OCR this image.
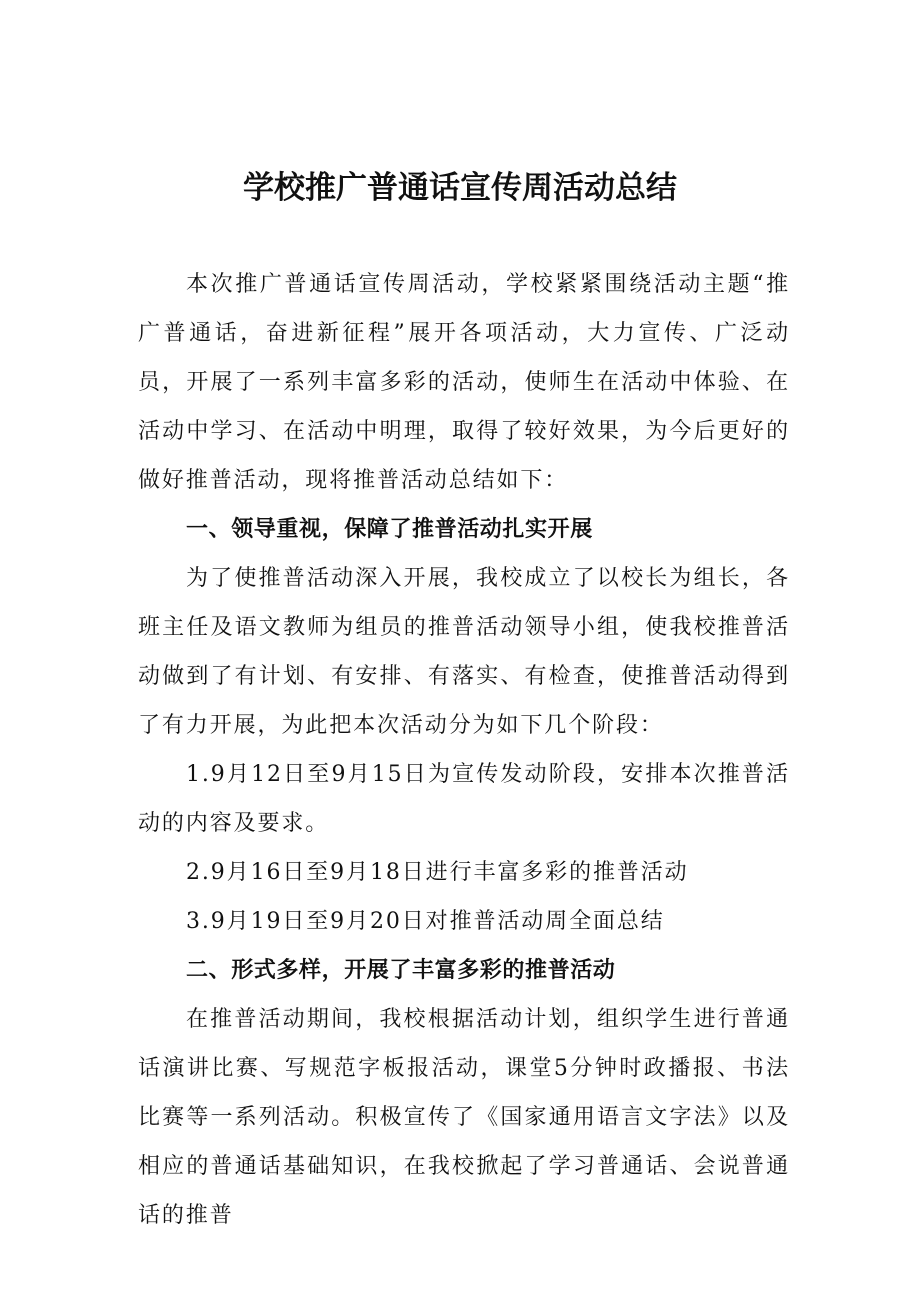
学校推广普通话宣传周活动总结

本次推广普通话宣传周活动，学校紧紧围绕活动主题“推广普通话，奋进新征程”展开各项活动，大力宣传、广泛动员，开展了一系列丰富多彩的活动，使师生在活动中体验、在活动中学习、在活动中明理，取得了较好效果，为今后更好的做好推普活动，现将推普活动总结如下：

一、领导重视，保障了推普活动扎实开展

为了使推普活动深入开展，我校成立了以校长为组长，各班主任及语文教师为组员的推普活动领导小组，使我校推普活动做到了有计划、有安排、有落实、有检查，使推普活动得到了有力开展，为此把本次活动分为如下几个阶段：

1.9月12日至9月15日为宣传发动阶段，安排本次推普活动的内容及要求。

2.9月16日至9月18日进行丰富多彩的推普活动

3.9月19日至9月20日对推普活动周全面总结

二、形式多样，开展了丰富多彩的推普活动

在推普活动期间，我校根据活动计划，组织学生进行普通话演讲比赛、写规范字板报活动，课堂5分钟时政播报、书法比赛等一系列活动。积极宣传了《国家通用语言文字法》以及相应的普通话基础知识，在我校掀起了学习普通话、会说普通话的推普
